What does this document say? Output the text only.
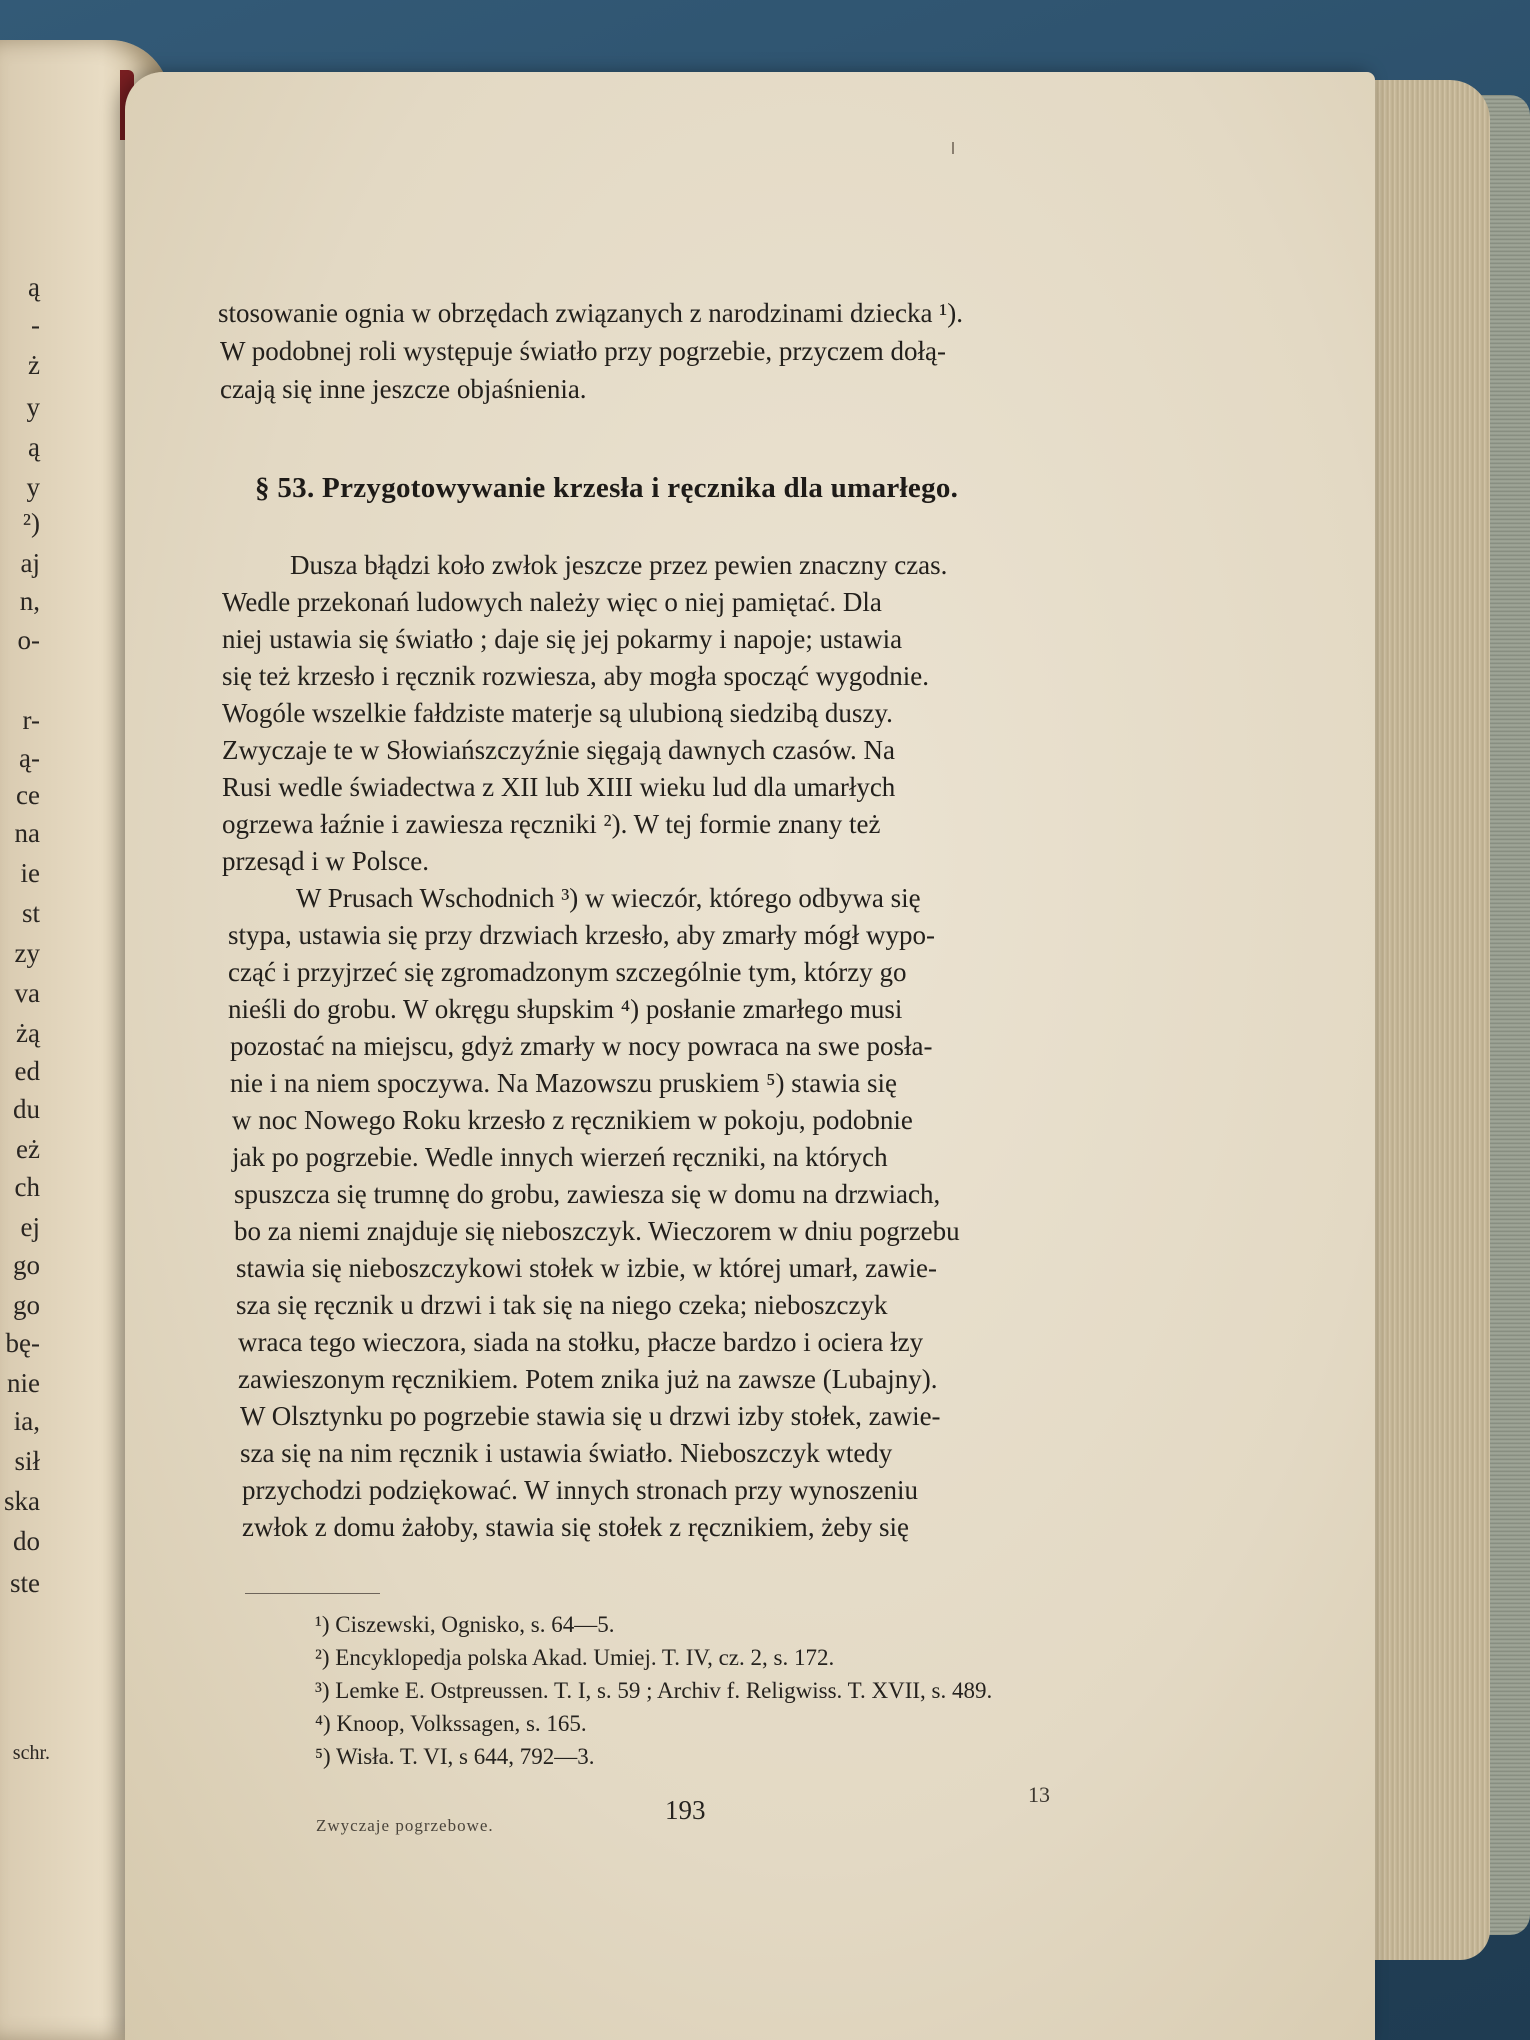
ą
-
ż
y
ą
y
²)
aj
n,
o-
r-
ą-
ce
na
ie
st
zy
va
żą
ed
du
eż
ch
ej
go
go
bę-
nie
ia,
sił
ska
do
ste
schr.
stosowanie ognia w obrzędach związanych z narodzinami dziecka ¹).
W podobnej roli występuje światło przy pogrzebie, przyczem dołą-
czają się inne jeszcze objaśnienia.
§ 53. Przygotowywanie krzesła i ręcznika dla umarłego.
Dusza błądzi koło zwłok jeszcze przez pewien znaczny czas.
Wedle przekonań ludowych należy więc o niej pamiętać. Dla
niej ustawia się światło ; daje się jej pokarmy i napoje; ustawia
się też krzesło i ręcznik rozwiesza, aby mogła spocząć wygodnie.
Wogóle wszelkie fałdziste materje są ulubioną siedzibą duszy.
Zwyczaje te w Słowiańszczyźnie sięgają dawnych czasów. Na
Rusi wedle świadectwa z XII lub XIII wieku lud dla umarłych
ogrzewa łaźnie i zawiesza ręczniki ²). W tej formie znany też
przesąd i w Polsce.
W Prusach Wschodnich ³) w wieczór, którego odbywa się
stypa, ustawia się przy drzwiach krzesło, aby zmarły mógł wypo-
cząć i przyjrzeć się zgromadzonym szczególnie tym, którzy go
nieśli do grobu. W okręgu słupskim ⁴) posłanie zmarłego musi
pozostać na miejscu, gdyż zmarły w nocy powraca na swe posła-
nie i na niem spoczywa. Na Mazowszu pruskiem ⁵) stawia się
w noc Nowego Roku krzesło z ręcznikiem w pokoju, podobnie
jak po pogrzebie. Wedle innych wierzeń ręczniki, na których
spuszcza się trumnę do grobu, zawiesza się w domu na drzwiach,
bo za niemi znajduje się nieboszczyk. Wieczorem w dniu pogrzebu
stawia się nieboszczykowi stołek w izbie, w której umarł, zawie-
sza się ręcznik u drzwi i tak się na niego czeka; nieboszczyk
wraca tego wieczora, siada na stołku, płacze bardzo i ociera łzy
zawieszonym ręcznikiem. Potem znika już na zawsze (Lubajny).
W Olsztynku po pogrzebie stawia się u drzwi izby stołek, zawie-
sza się na nim ręcznik i ustawia światło. Nieboszczyk wtedy
przychodzi podziękować. W innych stronach przy wynoszeniu
zwłok z domu żałoby, stawia się stołek z ręcznikiem, żeby się
¹) Ciszewski, Ognisko, s. 64—5.
²) Encyklopedja polska Akad. Umiej. T. IV, cz. 2, s. 172.
³) Lemke E. Ostpreussen. T. I, s. 59 ; Archiv f. Religwiss. T. XVII, s. 489.
⁴) Knoop, Volkssagen, s. 165.
⁵) Wisła. T. VI, s 644, 792—3.
193
13
Zwyczaje pogrzebowe.
